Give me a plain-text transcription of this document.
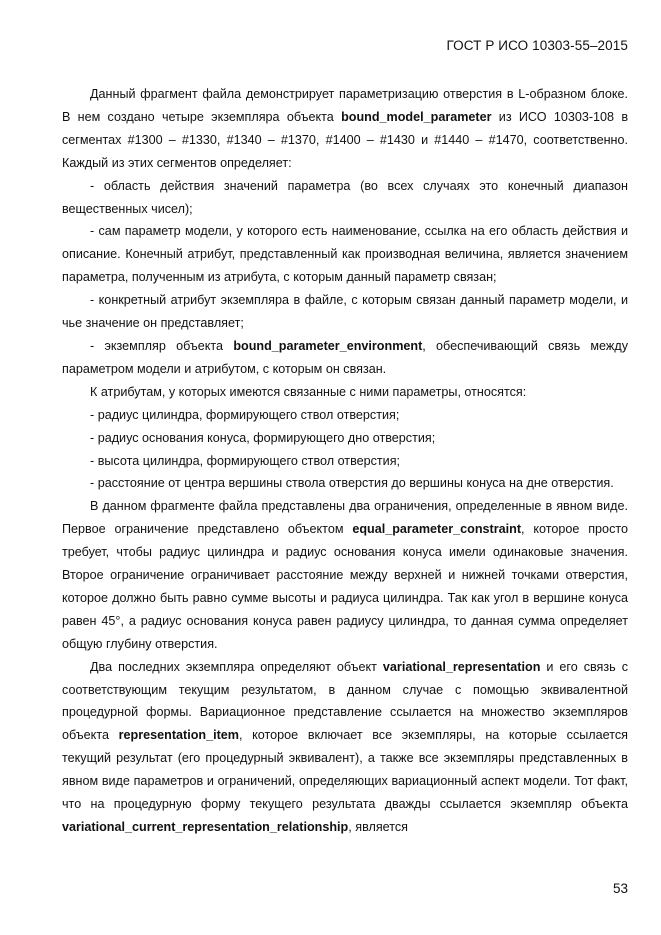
ГОСТ Р ИСО 10303-55–2015

Данный фрагмент файла демонстрирует параметризацию отверстия в L-образном блоке. В нем создано четыре экземпляра объекта bound_model_parameter из ИСО 10303-108 в сегментах #1300 – #1330, #1340 – #1370, #1400 – #1430 и #1440 – #1470, соответственно. Каждый из этих сегментов определяет:

- область действия значений параметра (во всех случаях это конечный диапазон вещественных чисел);

- сам параметр модели, у которого есть наименование, ссылка на его область действия и описание. Конечный атрибут, представленный как производная величина, является значением параметра, полученным из атрибута, с которым данный параметр связан;

- конкретный атрибут экземпляра в файле, с которым связан данный параметр модели, и чье значение он представляет;

- экземпляр объекта bound_parameter_environment, обеспечивающий связь между параметром модели и атрибутом, с которым он связан.

К атрибутам, у которых имеются связанные с ними параметры, относятся:

- радиус цилиндра, формирующего ствол отверстия;

- радиус основания конуса, формирующего дно отверстия;

- высота цилиндра, формирующего ствол отверстия;

- расстояние от центра вершины ствола отверстия до вершины конуса на дне отверстия.

В данном фрагменте файла представлены два ограничения, определенные в явном виде. Первое ограничение представлено объектом equal_parameter_constraint, которое просто требует, чтобы радиус цилиндра и радиус основания конуса имели одинаковые значения. Второе ограничение ограничивает расстояние между верхней и нижней точками отверстия, которое должно быть равно сумме высоты и радиуса цилиндра. Так как угол в вершине конуса равен 45°, а радиус основания конуса равен радиусу цилиндра, то данная сумма определяет общую глубину отверстия.

Два последних экземпляра определяют объект variational_representation и его связь с соответствующим текущим результатом, в данном случае с помощью эквивалентной процедурной формы. Вариационное представление ссылается на множество экземпляров объекта representation_item, которое включает все экземпляры, на которые ссылается текущий результат (его процедурный эквивалент), а также все экземпляры представленных в явном виде параметров и ограничений, определяющих вариационный аспект модели. Тот факт, что на процедурную форму текущего результата дважды ссылается экземпляр объекта variational_current_representation_relationship, является

53
